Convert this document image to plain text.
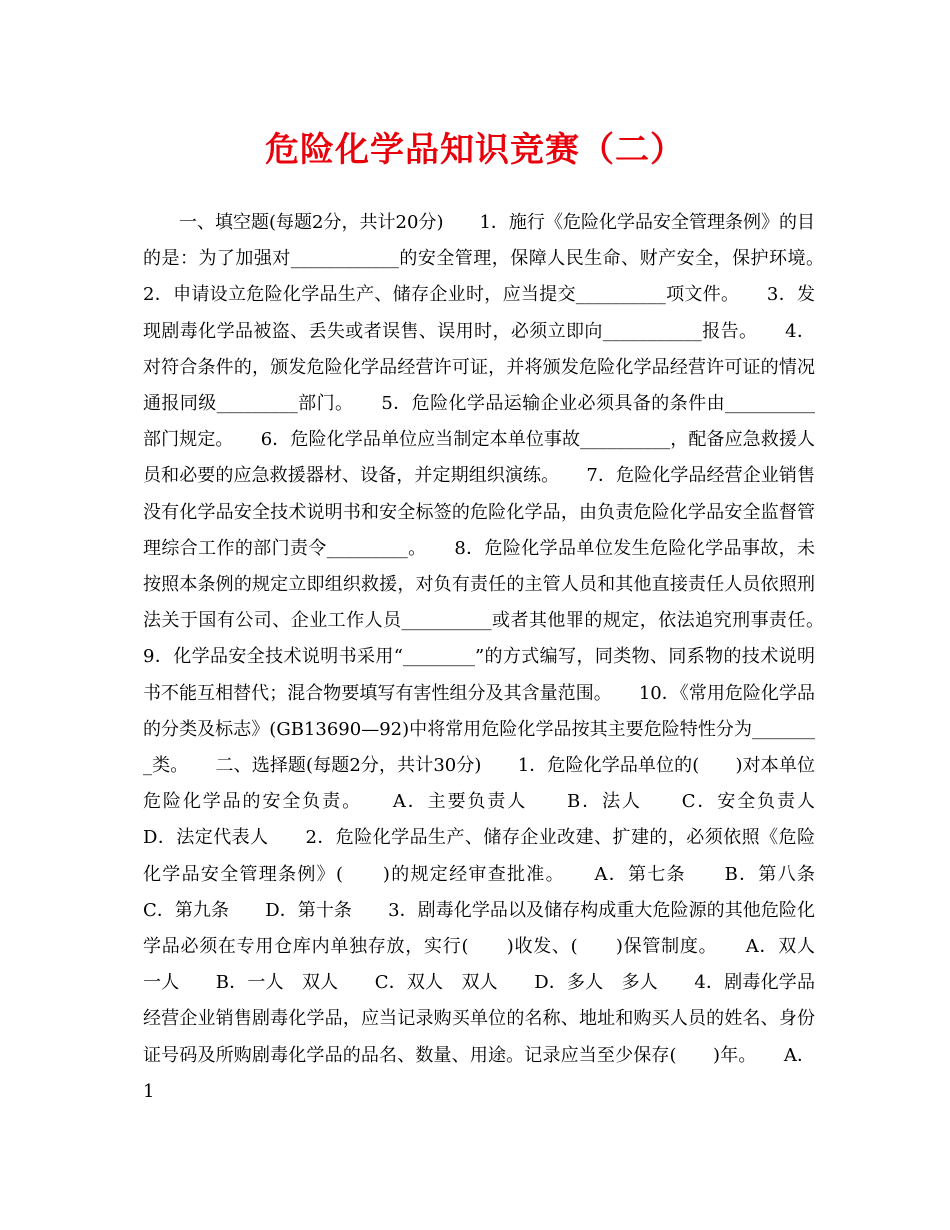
危险化学品知识竞赛（二）

　　一、填空题(每题2分，共计20分)　　1．施行《危险化学品安全管理条例》的目的是：为了加强对____________的安全管理，保障人民生命、财产安全，保护环境。　　2．申请设立危险化学品生产、储存企业时，应当提交__________项文件。　　3．发现剧毒化学品被盗、丢失或者误售、误用时，必须立即向___________报告。　　4．对符合条件的，颁发危险化学品经营许可证，并将颁发危险化学品经营许可证的情况通报同级_________部门。　　5．危险化学品运输企业必须具备的条件由__________部门规定。　　6．危险化学品单位应当制定本单位事故__________，配备应急救援人员和必要的应急救援器材、设备，并定期组织演练。　　7．危险化学品经营企业销售没有化学品安全技术说明书和安全标签的危险化学品，由负责危险化学品安全监督管理综合工作的部门责令_________。　　8．危险化学品单位发生危险化学品事故，未按照本条例的规定立即组织救援，对负有责任的主管人员和其他直接责任人员依照刑法关于国有公司、企业工作人员__________或者其他罪的规定，依法追究刑事责任。　　9．化学品安全技术说明书采用“________”的方式编写，同类物、同系物的技术说明书不能互相替代；混合物要填写有害性组分及其含量范围。　　10．《常用危险化学品的分类及标志》(GB13690—92)中将常用危险化学品按其主要危险特性分为________类。　　二、选择题(每题2分，共计30分)　　1．危险化学品单位的(　　)对本单位危险化学品的安全负责。　　A．主要负责人　　B．法人　　C．安全负责人　　D．法定代表人　　2．危险化学品生产、储存企业改建、扩建的，必须依照《危险化学品安全管理条例》(　　)的规定经审查批准。　　A．第七条　　B．第八条　　C．第九条　　D．第十条　　3．剧毒化学品以及储存构成重大危险源的其他危险化学品必须在专用仓库内单独存放，实行(　　)收发、(　　)保管制度。　　A．双人　一人　　B．一人　双人　　C．双人　双人　　D．多人　多人　　4．剧毒化学品经营企业销售剧毒化学品，应当记录购买单位的名称、地址和购买人员的姓名、身份证号码及所购剧毒化学品的品名、数量、用途。记录应当至少保存(　　)年。　　A．1
